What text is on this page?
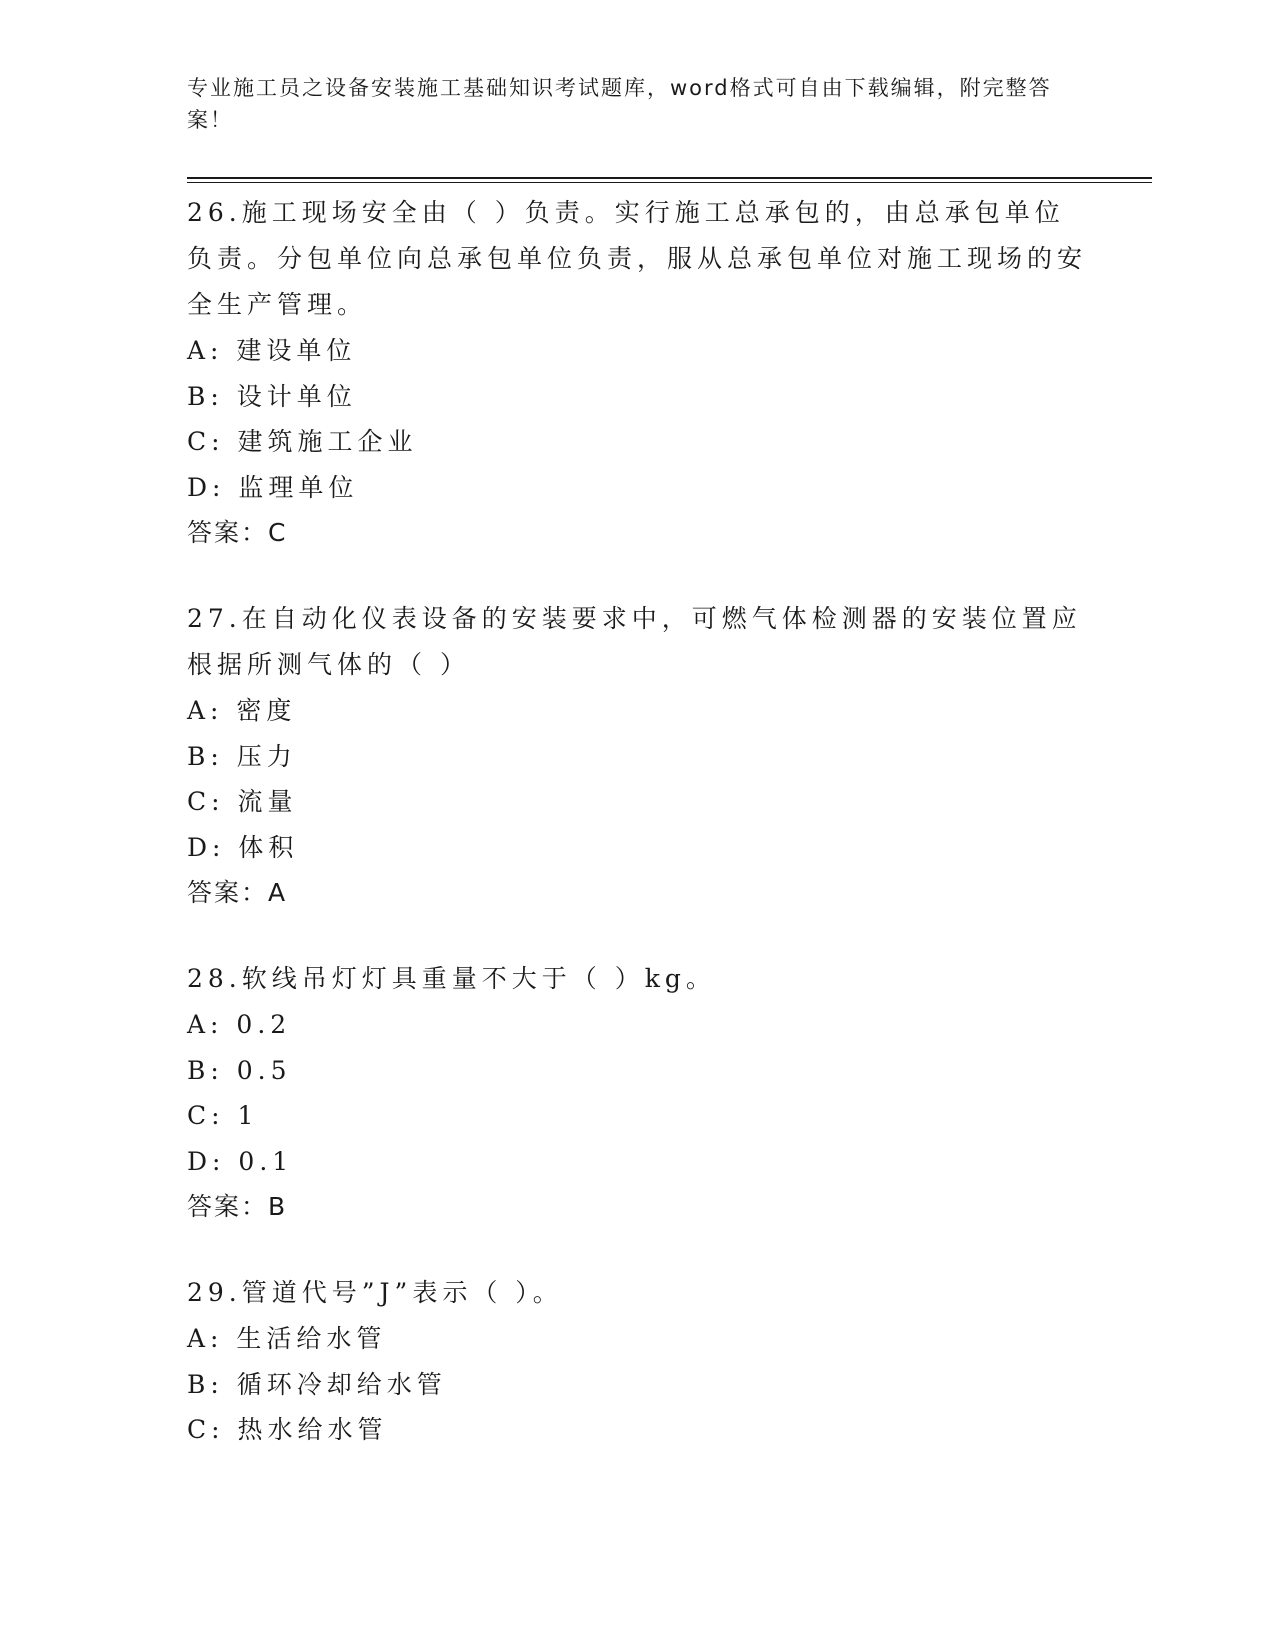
专业施工员之设备安装施工基础知识考试题库，word格式可自由下载编辑，附完整答案！
26.施工现场安全由（ ）负责。实行施工总承包的，由总承包单位负责。分包单位向总承包单位负责，服从总承包单位对施工现场的安全生产管理。
A: 建设单位
B: 设计单位
C: 建筑施工企业
D: 监理单位
答案：C
27.在自动化仪表设备的安装要求中，可燃气体检测器的安装位置应根据所测气体的（ ）
A: 密度
B: 压力
C: 流量
D: 体积
答案：A
28.软线吊灯灯具重量不大于（ ）kg。
A: 0.2
B: 0.5
C: 1
D: 0.1
答案：B
29.管道代号”J”表示（ ）。
A: 生活给水管
B: 循环冷却给水管
C: 热水给水管
